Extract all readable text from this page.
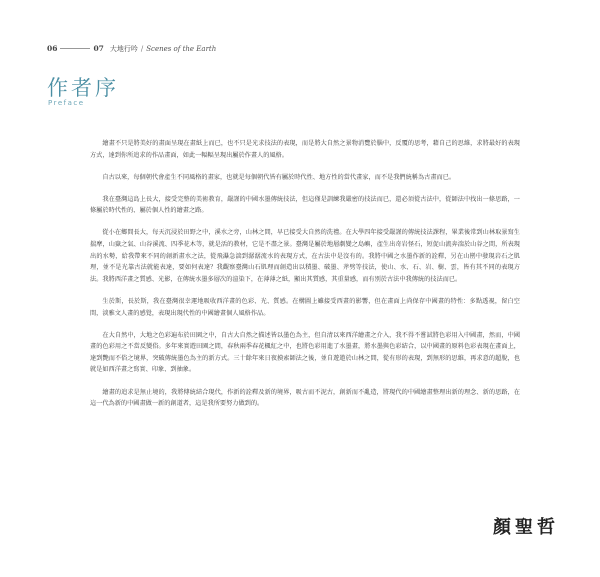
06	07 大地行吟 / Scenes of the Earth
作者序
Preface

繪畫不只是將美好的畫面呈現在畫紙上而已，也不只是光求技法的表現，而是將大自然之景物消覽於腦中，反覆的思考，藉自己的思維，求將最好的表現方式，達到你所追求的作品畫面，如此一幅幅呈現出屬於作畫人的風格。

自古以來，每個朝代會產生不同風格的畫家，也就是每個朝代皆有屬於時代性、地方性的當代畫家，而不是我們統稱為古畫而已。

我在臺灣這島上長大，接受完整的美術教育，嚴謹的中國水墨傳統技法，但這僅是訓練我嚴密的技法而已，還必須從古法中，從師法中找出一條思路，一條屬於時代性的、屬於個人性的繪畫之路。

從小在鄉間長大，每天沉浸於田野之中，溪水之旁，山林之間，早已接受大自然的洗禮。在大學四年接受嚴謹的傳統技法課程，畢業後常到山林取景寫生揣摩，山嶽之氣、山谷溪流、四季花木等，就是活的教材，它是不盡之景。臺灣是屬於地層劇變之島嶼，產生出奇岩怪石，短促山流奔湍於山谷之間，所表現出的水勢，給我帶來不同的創新畫水之法，從飛瀑急湍到潺潺流水的表現方式，在古法中是沒有的。我將中國之水墨作新的詮釋，另在山巒中發現岩石之肌理，並不是光靠古法就能表達，要如何表達？我觀察臺灣山石肌理而創造出以積墨、破墨、斧劈等技法，使山、水、石、岩、樹、雲，皆有其不同的表現方法。我將西洋畫之質感、光影，在傳統水墨多層次的渲染下，在薄薄之紙，顯出其質感，其重量感，而有別於古法中我傳統的技法而已。

生於斯，長於斯，我在臺灣很幸運地吸收西洋畫的色彩、光、質感。在構圖上雖接受西畫的影響，但在畫面上尚保存中國畫的特性：多點透視，留白空間，淡雅文人畫的感覺，表現出現代性的中國繪畫個人風格作品。

在大自然中，大地之色彩遍布於田園之中，自古大自然之描述皆以墨色為主，但自清以來西洋繪畫之介入，我不得不嘗試將色彩用入中國畫，然而，中國畫的色彩用之不當反變俗。多年來實遊田園之間，春秋兩季春花楓紅之中，也將色彩用進了水墨畫，將水墨與色彩結合，以中國畫的原料色彩表現在畫面上，達到艷而不俗之境界，突破傳統墨色為主的新方式。三十餘年來日夜摸索師法之後，並自遊遨於山林之間，從有形的表現，到無形的思維，再求意的超脫，也就是如西洋畫之寫實、印象、到抽象。

繪畫的追求是無止境的，我將傳統結合現代，作新的詮釋及新的境界，吸古而不泥古，創新而不亂造，將現代的中國繪畫整理出新的理念、新的思路，在這一代為新的中國畫做一新的創道者，這是我所要努力做到的。

顏聖哲
